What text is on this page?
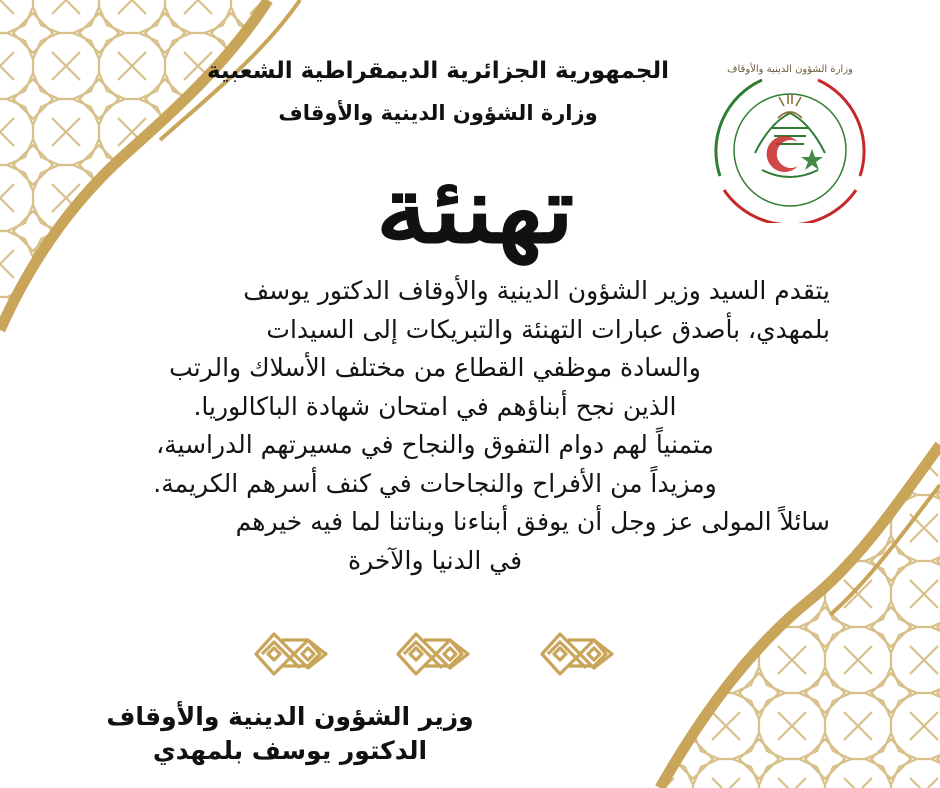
الجمهورية الجزائرية الديمقراطية الشعبية
وزارة الشؤون الدينية والأوقاف
وزارة الشؤون الدينية والأوقاف
تهنئة
يتقدم السيد وزير الشؤون الدينية والأوقاف الدكتور يوسف
بلمهدي، بأصدق عبارات التهنئة والتبريكات إلى السيدات
والسادة موظفي القطاع من مختلف الأسلاك والرتب
الذين نجح أبناؤهم في امتحان شهادة الباكالوريا.
متمنياً لهم دوام التفوق والنجاح في مسيرتهم الدراسية،
ومزيداً من الأفراح والنجاحات في كنف أسرهم الكريمة.
سائلاً المولى عز وجل أن يوفق أبناءنا وبناتنا لما فيه خيرهم
في الدنيا والآخرة
وزير الشؤون الدينية والأوقاف
الدكتور يوسف بلمهدي
